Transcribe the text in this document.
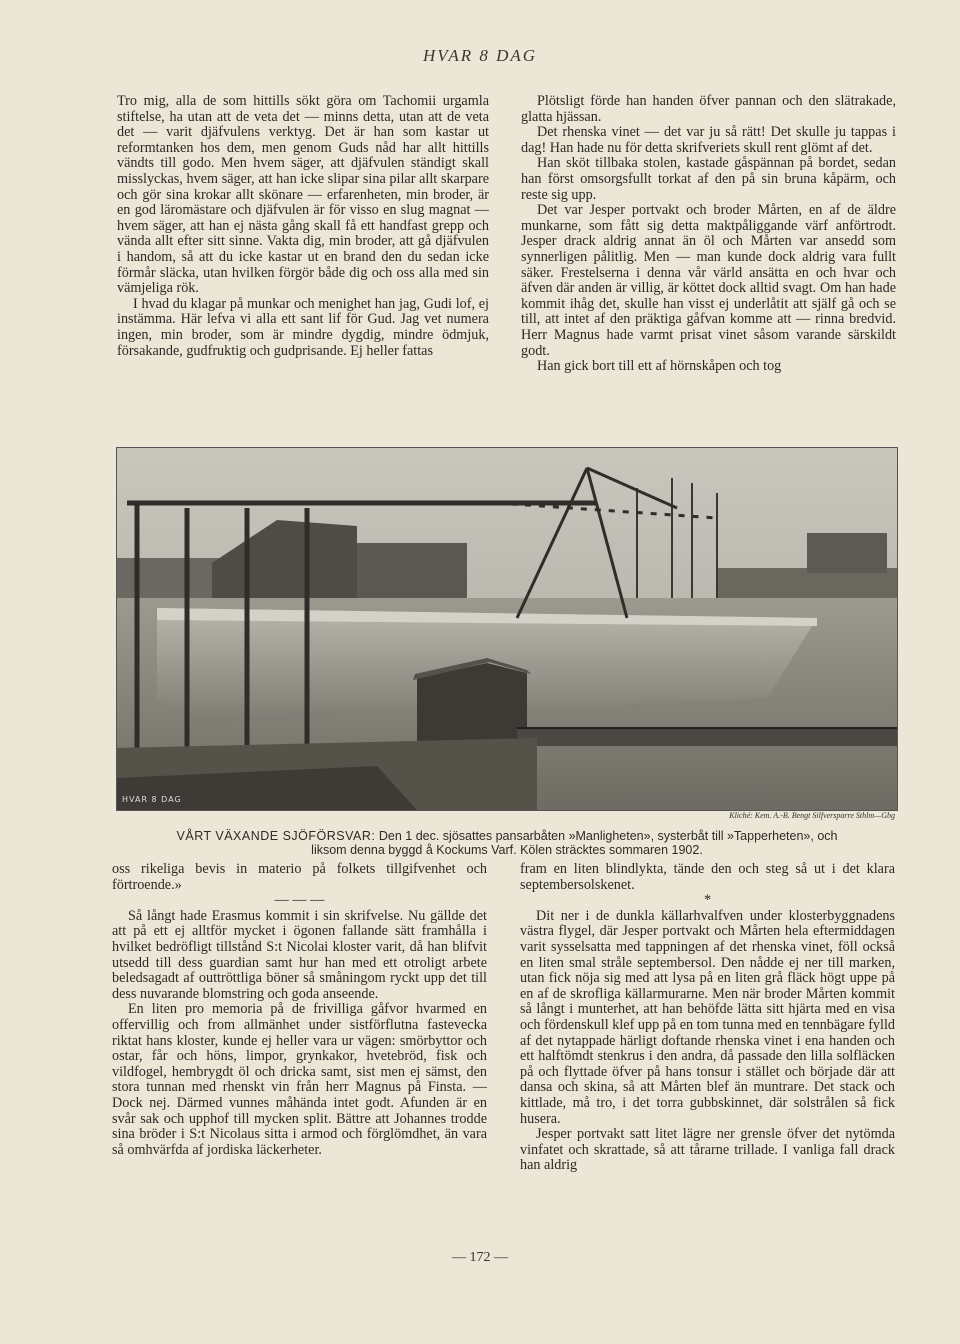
HVAR 8 DAG

Tro mig, alla de som hittills sökt göra om Tachomii urgamla stiftelse, ha utan att de veta det — minns detta, utan att de veta det — varit djäfvulens verktyg. Det är han som kastar ut reformtanken hos dem, men genom Guds nåd har allt hittills vändts till godo. Men hvem säger, att djäfvulen ständigt skall misslyckas, hvem säger, att han icke slipar sina pilar allt skarpare och gör sina krokar allt skönare — erfarenheten, min broder, är en god läromästare och djäfvulen är för visso en slug magnat — hvem säger, att han ej nästa gång skall få ett handfast grepp och vända allt efter sitt sinne. Vakta dig, min broder, att gå djäfvulen i handom, så att du icke kastar ut en brand den du sedan icke förmår släcka, utan hvilken förgör både dig och oss alla med sin vämjeliga rök.

I hvad du klagar på munkar och menighet han jag, Gudi lof, ej instämma. Här lefva vi alla ett sant lif för Gud. Jag vet numera ingen, min broder, som är mindre dygdig, mindre ödmjuk, försakande, gudfruktig och gudprisande. Ej heller fattas

Plötsligt förde han handen öfver pannan och den slätrakade, glatta hjässan.

Det rhenska vinet — det var ju så rätt! Det skulle ju tappas i dag! Han hade nu för detta skrifveriets skull rent glömt af det.

Han sköt tillbaka stolen, kastade gåspännan på bordet, sedan han först omsorgsfullt torkat af den på sin bruna kåpärm, och reste sig upp.

Det var Jesper portvakt och broder Mårten, en af de äldre munkarne, som fått sig detta maktpåliggande värf anförtrodt. Jesper drack aldrig annat än öl och Mårten var ansedd som synnerligen pålitlig. Men — man kunde dock aldrig vara fullt säker. Frestelserna i denna vår värld ansätta en och hvar och äfven där anden är villig, är köttet dock alltid svagt. Om han hade kommit ihåg det, skulle han visst ej underlåtit att själf gå och se till, att intet af den präktiga gåfvan komme att — rinna bredvid. Herr Magnus hade varmt prisat vinet såsom varande särskildt godt.

Han gick bort till ett af hörnskåpen och tog

HVAR 8 DAG
Kliché: Kem. A.-B. Bengt Silfversparre Sthlm—Gbg
VÅRT VÄXANDE SJÖFÖRSVAR: Den 1 dec. sjösattes pansarbåten »Manligheten», systerbåt till »Tapperheten», och
liksom denna byggd å Kockums Varf. Kölen sträcktes sommaren 1902.

oss rikeliga bevis in materio på folkets tillgifvenhet och förtroende.»

— — —

Så långt hade Erasmus kommit i sin skrifvelse. Nu gällde det att på ett ej alltför mycket i ögonen fallande sätt framhålla i hvilket bedröfligt tillstånd S:t Nicolai kloster varit, då han blifvit utsedd till dess guardian samt hur han med ett otroligt arbete beledsagadt af outtröttliga böner så småningom ryckt upp det till dess nuvarande blomstring och goda anseende.

En liten pro memoria på de frivilliga gåfvor hvarmed en offervillig och from allmänhet under sistförflutna fastevecka riktat hans kloster, kunde ej heller vara ur vägen: smörbyttor och ostar, får och höns, limpor, grynkakor, hvetebröd, fisk och vildfogel, hembrygdt öl och dricka samt, sist men ej sämst, den stora tunnan med rhenskt vin från herr Magnus på Finsta. — Dock nej. Därmed vunnes måhända intet godt. Afunden är en svår sak och upphof till mycken split. Bättre att Johannes trodde sina bröder i S:t Nicolaus sitta i armod och förglömdhet, än vara så omhvärfda af jordiska läckerheter.

fram en liten blindlykta, tände den och steg så ut i det klara septembersolskenet.

*

Dit ner i de dunkla källarhvalfven under klosterbyggnadens västra flygel, där Jesper portvakt och Mårten hela eftermiddagen varit sysselsatta med tappningen af det rhenska vinet, föll också en liten smal stråle septembersol. Den nådde ej ner till marken, utan fick nöja sig med att lysa på en liten grå fläck högt uppe på en af de skrofliga källarmurarne. Men när broder Mårten kommit så långt i munterhet, att han behöfde lätta sitt hjärta med en visa och fördenskull klef upp på en tom tunna med en tennbägare fylld af det nytappade härligt doftande rhenska vinet i ena handen och ett halftömdt stenkrus i den andra, då passade den lilla solfläcken på och flyttade öfver på hans tonsur i stället och började där att dansa och skina, så att Mårten blef än muntrare. Det stack och kittlade, må tro, i det torra gubbskinnet, där solstrålen så fick husera.

Jesper portvakt satt litet lägre ner grensle öfver det nytömda vinfatet och skrattade, så att tårarne trillade. I vanliga fall drack han aldrig

— 172 —
